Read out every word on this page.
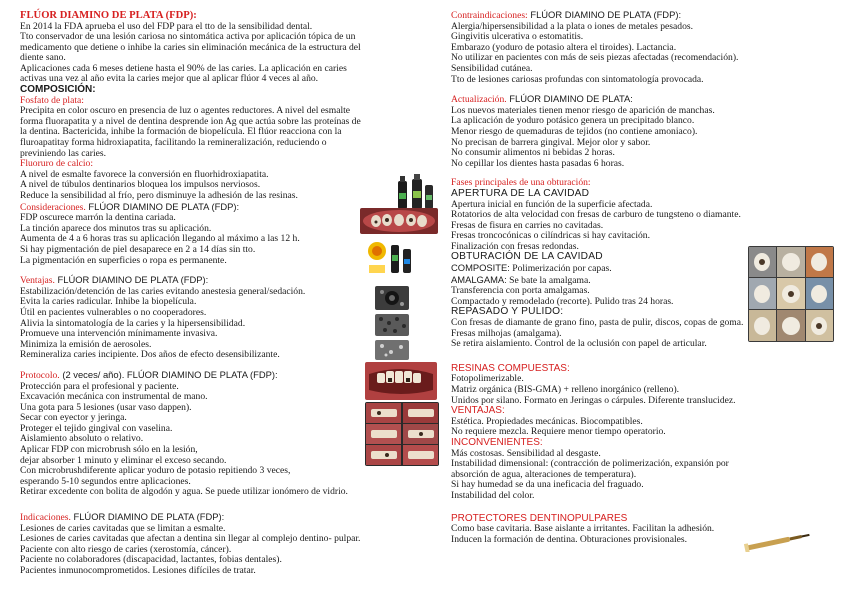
FLÚOR DIAMINO DE PLATA (FDP):
En 2014 la FDA aprueba el uso del FDP para el tto de la sensibilidad dental.
Tto conservador de una lesión cariosa no sintomática activa por aplicación tópica de un
medicamento que detiene o inhibe la caries sin eliminación mecánica de la estructura del
diente sano.
Aplicaciones cada 6 meses detiene hasta el 90% de las caries. La aplicación en caries
activas una vez al año evita la caries mejor que al aplicar flúor 4 veces al año.
COMPOSICIÓN:
Fosfato de plata:
Precipita en color oscuro en presencia de luz o agentes reductores. A nivel del esmalte
forma fluorapatita y a nivel de dentina desprende ion Ag que actúa sobre las proteínas de
la dentina. Bactericida, inhibe la formación de biopelícula. El flúor reacciona con la
fluroapatitay forma hidroxiapatita, facilitando la remineralización, reduciendo o
previniendo las caries.
Fluoruro de calcio:
A nivel de esmalte favorece la conversión en fluorhidroxiapatita.
A nivel de túbulos dentinarios bloquea los impulsos nerviosos.
Reduce la sensibilidad al frío, pero disminuye la adhesión de las resinas.
Consideraciones. FLÚOR DIAMINO DE PLATA (FDP):
FDP oscurece marrón la dentina cariada.
La tinción aparece dos minutos tras su aplicación.
Aumenta de 4 a 6 horas tras su aplicación llegando al máximo a las 12 h.
Si hay pigmentación de piel desaparece en 2 a 14 días sin tto.
La pigmentación en superficies o ropa es permanente.
Ventajas. FLÚOR DIAMINO DE PLATA (FDP):
Estabilización/detención de las caries evitando anestesia general/sedación.
Evita la caries radicular. Inhibe la biopelícula.
Útil en pacientes vulnerables o no cooperadores.
Alivia la sintomatología de la caries y la hipersensibilidad.
Promueve una intervención mínimamente invasiva.
Minimiza la emisión de aerosoles.
Remineraliza caries incipiente. Dos años de efecto desensibilizante.
Protocolo. (2 veces/ año). FLÚOR DIAMINO DE PLATA (FDP):
Protección para el profesional y paciente.
Excavación mecánica con instrumental de mano.
Una gota para 5 lesiones (usar vaso dappen).
Secar con eyector y jeringa.
Proteger el tejido gingival con vaselina.
Aislamiento absoluto o relativo.
Aplicar FDP con microbrush sólo en la lesión,
dejar absorber 1 minuto y eliminar el exceso secando.
Con microbrushdiferente aplicar yoduro de potasio repitiendo 3 veces,
esperando 5-10 segundos entre aplicaciones.
Retirar excedente con bolita de algodón y agua. Se puede utilizar ionómero de vidrio.
Indicaciones. FLÚOR DIAMINO DE PLATA (FDP):
Lesiones de caries cavitadas que se limitan a esmalte.
Lesiones de caries cavitadas que afectan a dentina sin llegar al complejo dentino- pulpar.
Paciente con alto riesgo de caries (xerostomía, cáncer).
Paciente no colaboradores (discapacidad, lactantes, fobias dentales).
Pacientes inmunocomprometidos. Lesiones difíciles de tratar.
Contraindicaciones: FLÚOR DIAMINO DE PLATA (FDP):
Alergia/hipersensibilidad a la plata o iones de metales pesados.
Gingivitis ulcerativa o estomatitis.
Embarazo (yoduro de potasio altera el tiroides). Lactancia.
No utilizar en pacientes con más de seis piezas afectadas (recomendación).
Sensibilidad cutánea.
Tto de lesiones cariosas profundas con sintomatología provocada.
Actualización. FLÚOR DIAMINO DE PLATA:
Los nuevos materiales tienen menor riesgo de aparición de manchas.
La aplicación de yoduro potásico genera un precipitado blanco.
Menor riesgo de quemaduras de tejidos (no contiene amoniaco).
No precisan de barrera gingival. Mejor olor y sabor.
No consumir alimentos ni bebidas 2 horas.
No cepillar los dientes hasta pasadas 6 horas.
Fases principales de una obturación:
APERTURA DE LA CAVIDAD
Apertura inicial en función de la superficie afectada.
Rotatorios de alta velocidad con fresas de carburo de tungsteno o diamante.
Fresas de fisura en carries no cavitadas.
Fresas troncocónicas o cilíndricas si hay cavitación.
Finalización con fresas redondas.
OBTURACIÓN DE LA CAVIDAD
COMPOSITE: Polimerización por capas.
AMALGAMA: Se bate la amalgama.
Transferencia con porta amalgamas.
Compactado y remodelado (recorte). Pulido tras 24 horas.
REPASADO Y PULIDO:
Con fresas de diamante de grano fino, pasta de pulir, discos, copas de goma.
Fresas milhojas (amalgama).
Se retira aislamiento. Control de la oclusión con papel de articular.
RESINAS COMPUESTAS:
Fotopolimerizable.
Matriz orgánica (BIS-GMA) + relleno inorgánico (relleno).
Unidos por silano. Formato en Jeringas o cárpules. Diferente translucidez.
VENTAJAS:
Estética. Propiedades mecánicas. Biocompatibles.
No requiere mezcla. Requiere menor tiempo operatorio.
INCONVENIENTES:
Más costosas. Sensibilidad al desgaste.
Instabilidad dimensional: (contracción de polimerización, expansión por
absorción de agua, alteraciones de temperatura).
Si hay humedad se da una ineficacia del fraguado.
Instabilidad del color.
PROTECTORES DENTINOPULPARES
Como base cavitaria. Base aislante a irritantes. Facilitan la adhesión.
Inducen la formación de dentina. Obturaciones provisionales.
